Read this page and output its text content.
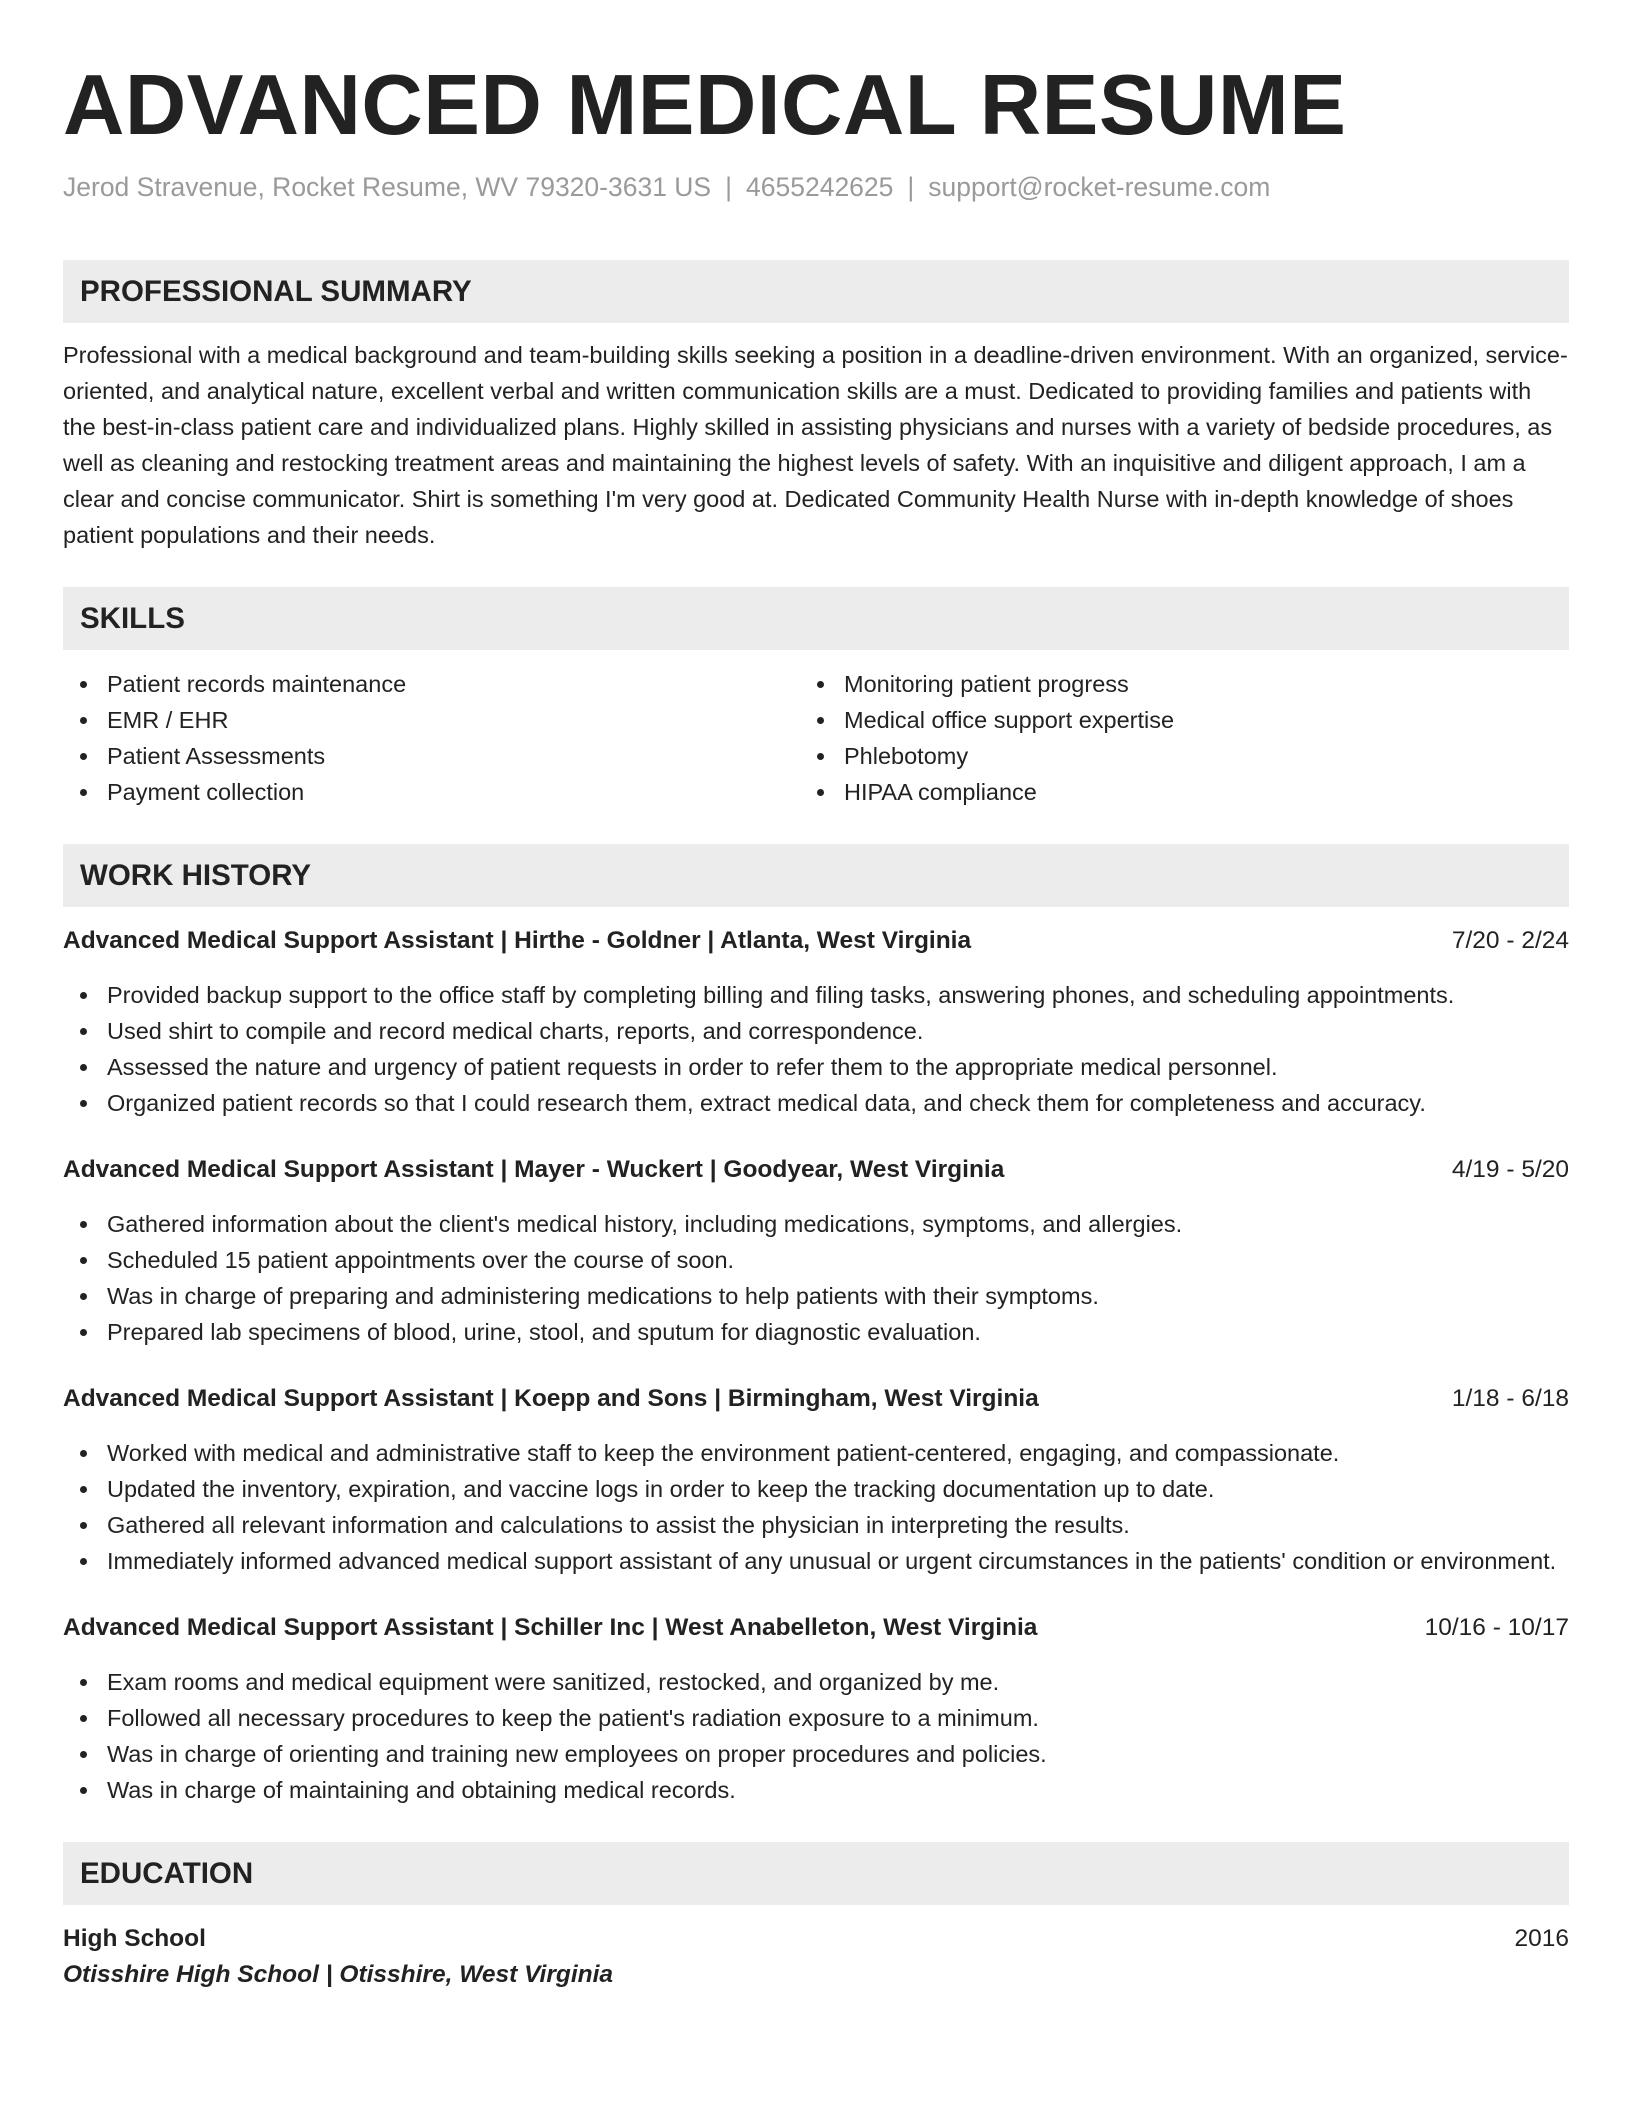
ADVANCED MEDICAL RESUME
Jerod Stravenue, Rocket Resume, WV 79320-3631 US | 4655242625 | support@rocket-resume.com
PROFESSIONAL SUMMARY

Professional with a medical background and team-building skills seeking a position in a deadline-driven environment. With an organized, service-oriented, and analytical nature, excellent verbal and written communication skills are a must. Dedicated to providing families and patients with the best-in-class patient care and individualized plans. Highly skilled in assisting physicians and nurses with a variety of bedside procedures, as well as cleaning and restocking treatment areas and maintaining the highest levels of safety. With an inquisitive and diligent approach, I am a clear and concise communicator. Shirt is something I'm very good at. Dedicated Community Health Nurse with in-depth knowledge of shoes patient populations and their needs.

SKILLS
Patient records maintenance
EMR / EHR
Patient Assessments
Payment collection
Monitoring patient progress
Medical office support expertise
Phlebotomy
HIPAA compliance
WORK HISTORY
Advanced Medical Support Assistant | Hirthe - Goldner | Atlanta, West Virginia	7/20 - 2/24
Provided backup support to the office staff by completing billing and filing tasks, answering phones, and scheduling appointments.
Used shirt to compile and record medical charts, reports, and correspondence.
Assessed the nature and urgency of patient requests in order to refer them to the appropriate medical personnel.
Organized patient records so that I could research them, extract medical data, and check them for completeness and accuracy.
Advanced Medical Support Assistant | Mayer - Wuckert | Goodyear, West Virginia	4/19 - 5/20
Gathered information about the client's medical history, including medications, symptoms, and allergies.
Scheduled 15 patient appointments over the course of soon.
Was in charge of preparing and administering medications to help patients with their symptoms.
Prepared lab specimens of blood, urine, stool, and sputum for diagnostic evaluation.
Advanced Medical Support Assistant | Koepp and Sons | Birmingham, West Virginia	1/18 - 6/18
Worked with medical and administrative staff to keep the environment patient-centered, engaging, and compassionate.
Updated the inventory, expiration, and vaccine logs in order to keep the tracking documentation up to date.
Gathered all relevant information and calculations to assist the physician in interpreting the results.
Immediately informed advanced medical support assistant of any unusual or urgent circumstances in the patients' condition or environment.
Advanced Medical Support Assistant | Schiller Inc | West Anabelleton, West Virginia	10/16 - 10/17
Exam rooms and medical equipment were sanitized, restocked, and organized by me.
Followed all necessary procedures to keep the patient's radiation exposure to a minimum.
Was in charge of orienting and training new employees on proper procedures and policies.
Was in charge of maintaining and obtaining medical records.
EDUCATION
High School	2016
Otisshire High School | Otisshire, West Virginia
